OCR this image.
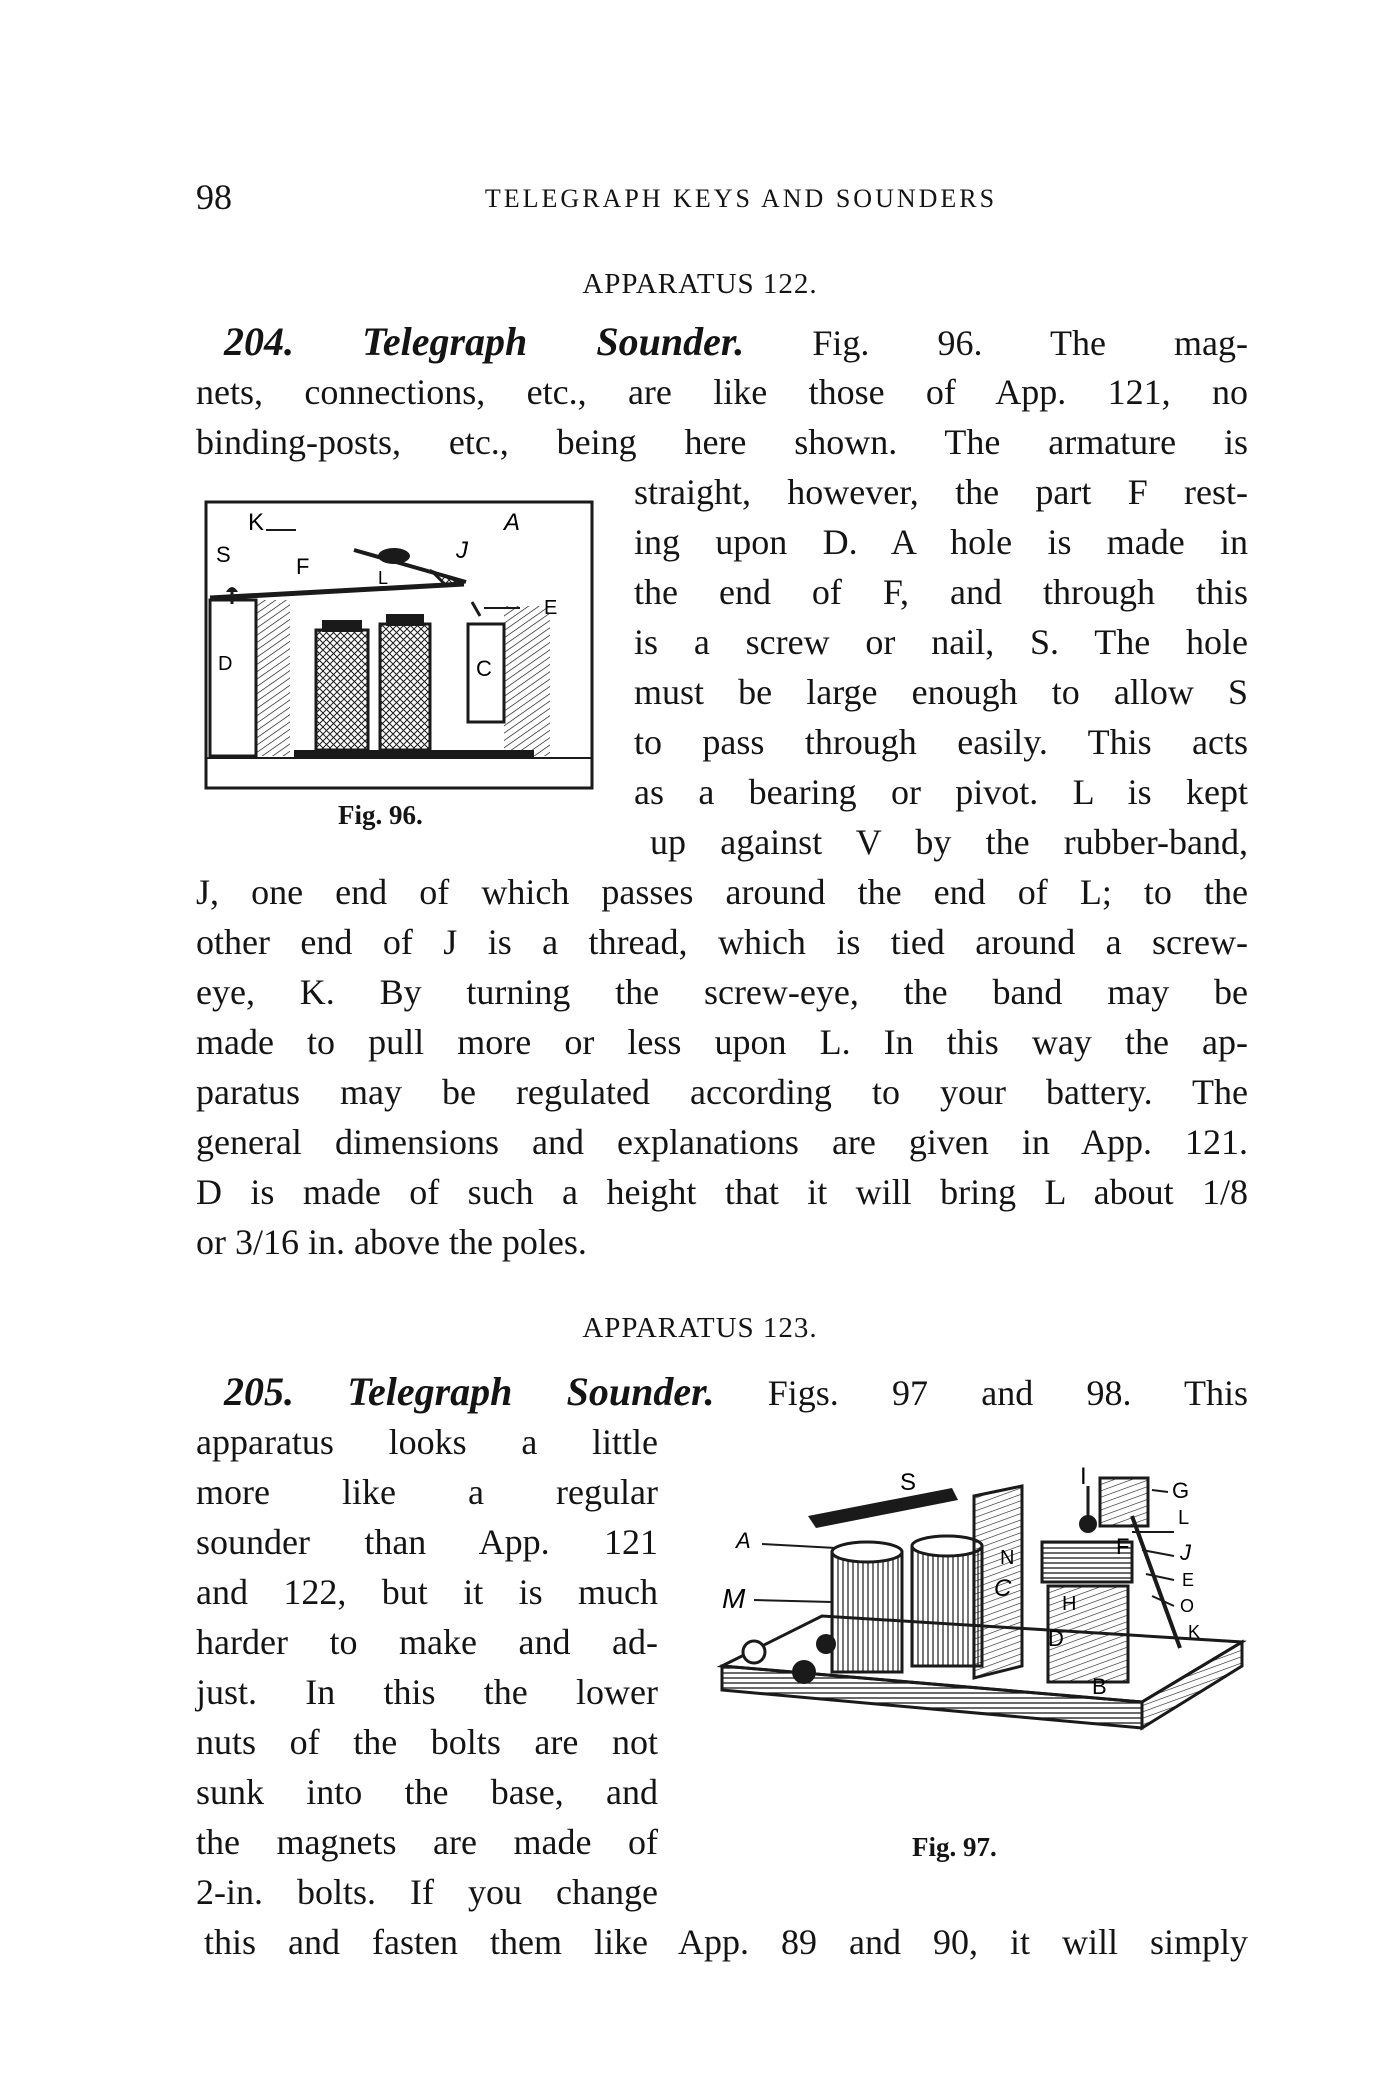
98	TELEGRAPH KEYS AND SOUNDERS
APPARATUS 122.
204. Telegraph Sounder. Fig. 96. The mag-
nets, connections, etc., are like those of App. 121, no
binding-posts, etc., being here shown. The armature is
straight, however, the part F rest-
ing upon D. A hole is made in
the end of F, and through this
is a screw or nail, S. The hole
must be large enough to allow S
to pass through easily. This acts
as a bearing or pivot. L is kept
up against V by the rubber-band,
J, one end of which passes around the end of L; to the
other end of J is a thread, which is tied around a screw-
eye, K. By turning the screw-eye, the band may be
made to pull more or less upon L. In this way the ap-
paratus may be regulated according to your battery. The
general dimensions and explanations are given in App. 121.
D is made of such a height that it will bring L about 1/8
or 3/16 in. above the poles.
K	A
J
S	F	L
E
D	C
Fig. 96.
APPARATUS 123.
205. Telegraph Sounder. Figs. 97 and 98. This
apparatus looks a little
more like a regular
sounder than App. 121
and 122, but it is much
harder to make and ad-
just. In this the lower
nuts of the bolts are not
sunk into the base, and
the magnets are made of
2-in. bolts. If you change
this and fasten them like App. 89 and 90, it will simply
S	I
G
A
L
F J
M
N
E
C
H	O
D	K
B
Fig. 97.
